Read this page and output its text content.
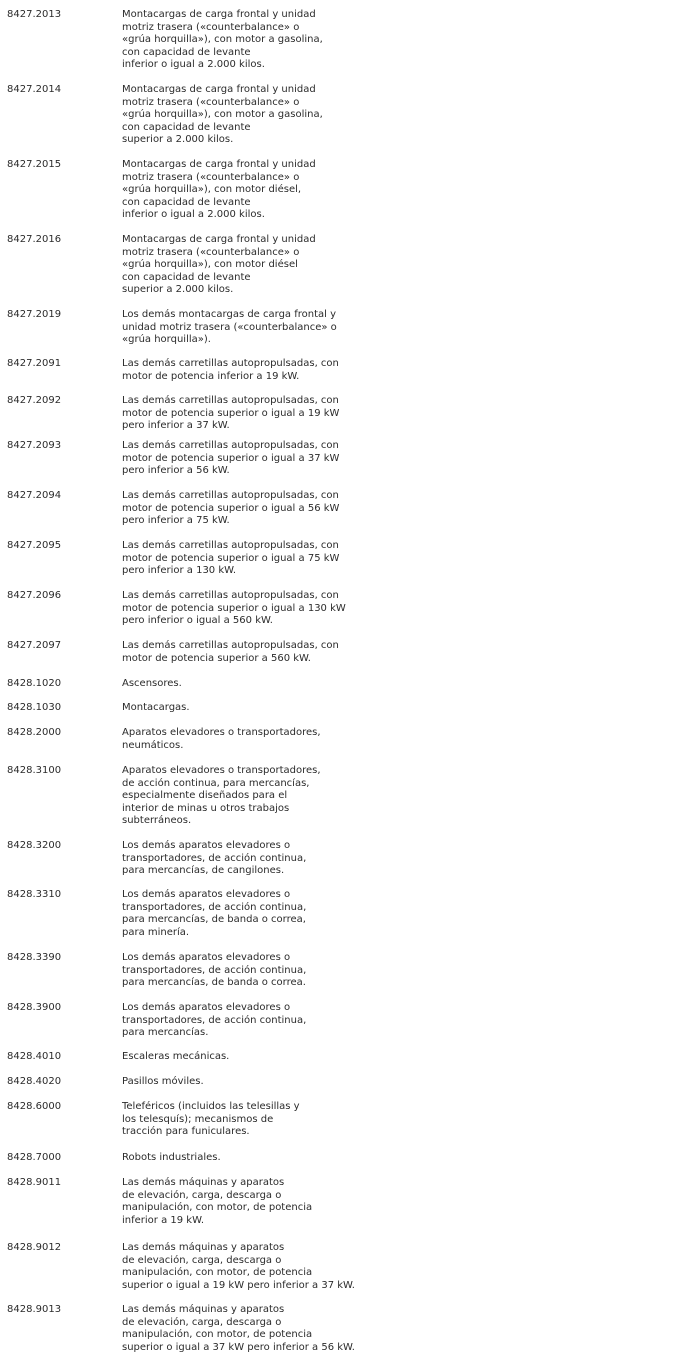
8427.2013	Montacargas de carga frontal y unidad
motriz trasera («counterbalance» o
«grúa horquilla»), con motor a gasolina,
con capacidad de levante
inferior o igual a 2.000 kilos.
8427.2014	Montacargas de carga frontal y unidad
motriz trasera («counterbalance» o
«grúa horquilla»), con motor a gasolina,
con capacidad de levante
superior a 2.000 kilos.
8427.2015	Montacargas de carga frontal y unidad
motriz trasera («counterbalance» o
«grúa horquilla»), con motor diésel,
con capacidad de levante
inferior o igual a 2.000 kilos.
8427.2016	Montacargas de carga frontal y unidad
motriz trasera («counterbalance» o
«grúa horquilla»), con motor diésel
con capacidad de levante
superior a 2.000 kilos.
8427.2019	Los demás montacargas de carga frontal y
unidad motriz trasera («counterbalance» o
«grúa horquilla»).
8427.2091	Las demás carretillas autopropulsadas, con
motor de potencia inferior a 19 kW.
8427.2092	Las demás carretillas autopropulsadas, con
motor de potencia superior o igual a 19 kW
pero inferior a 37 kW.
8427.2093	Las demás carretillas autopropulsadas, con
motor de potencia superior o igual a 37 kW
pero inferior a 56 kW.
8427.2094	Las demás carretillas autopropulsadas, con
motor de potencia superior o igual a 56 kW
pero inferior a 75 kW.
8427.2095	Las demás carretillas autopropulsadas, con
motor de potencia superior o igual a 75 kW
pero inferior a 130 kW.
8427.2096	Las demás carretillas autopropulsadas, con
motor de potencia superior o igual a 130 kW
pero inferior o igual a 560 kW.
8427.2097	Las demás carretillas autopropulsadas, con
motor de potencia superior a 560 kW.
8428.1020	Ascensores.
8428.1030	Montacargas.
8428.2000	Aparatos elevadores o transportadores,
neumáticos.
8428.3100	Aparatos elevadores o transportadores,
de acción continua, para mercancías,
especialmente diseñados para el
interior de minas u otros trabajos
subterráneos.
8428.3200	Los demás aparatos elevadores o
transportadores, de acción continua,
para mercancías, de cangilones.
8428.3310	Los demás aparatos elevadores o
transportadores, de acción continua,
para mercancías, de banda o correa,
para minería.
8428.3390	Los demás aparatos elevadores o
transportadores, de acción continua,
para mercancías, de banda o correa.
8428.3900	Los demás aparatos elevadores o
transportadores, de acción continua,
para mercancías.
8428.4010	Escaleras mecánicas.
8428.4020	Pasillos móviles.
8428.6000	Teleféricos (incluidos las telesillas y
los telesquís); mecanismos de
tracción para funiculares.
8428.7000	Robots industriales.
8428.9011	Las demás máquinas y aparatos
de elevación, carga, descarga o
manipulación, con motor, de potencia
inferior a 19 kW.
8428.9012	Las demás máquinas y aparatos
de elevación, carga, descarga o
manipulación, con motor, de potencia
superior o igual a 19 kW pero inferior a 37 kW.
8428.9013	Las demás máquinas y aparatos
de elevación, carga, descarga o
manipulación, con motor, de potencia
superior o igual a 37 kW pero inferior a 56 kW.
